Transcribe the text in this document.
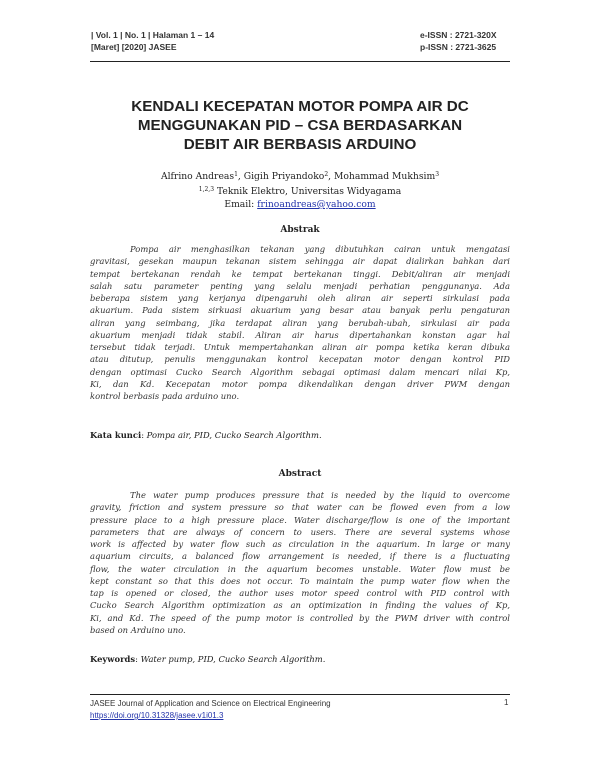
| Vol. 1 | No. 1 | Halaman 1 – 14
[Maret] [2020] JASEE
e-ISSN : 2721-320X
p-ISSN : 2721-3625
KENDALI KECEPATAN MOTOR POMPA AIR DC
MENGGUNAKAN PID – CSA BERDASARKAN
DEBIT AIR BERBASIS ARDUINO
Alfrino Andreas$^1$, Gigih Priyandoko$^2$, Mohammad Mukhsim$^3$
$^{1,2,3}$ Teknik Elektro, Universitas Widyagama
Email: frinoandreas@yahoo.com
Abstrak
Pompa air menghasilkan tekanan yang dibutuhkan cairan untuk mengatasi
gravitasi, gesekan maupun tekanan sistem sehingga air dapat dialirkan bahkan dari
tempat bertekanan rendah ke tempat bertekanan tinggi. Debit/aliran air menjadi
salah satu parameter penting yang selalu menjadi perhatian penggunanya. Ada
beberapa sistem yang kerjanya dipengaruhi oleh aliran air seperti sirkulasi pada
akuarium. Pada sistem sirkuasi akuarium yang besar atau banyak perlu pengaturan
aliran yang seimbang, jika terdapat aliran yang berubah-ubah, sirkulasi air pada
akuarium menjadi tidak stabil. Aliran air harus dipertahankan konstan agar hal
tersebut tidak terjadi. Untuk mempertahankan aliran air pompa ketika keran dibuka
atau ditutup, penulis menggunakan kontrol kecepatan motor dengan kontrol PID
dengan optimasi Cucko Search Algorithm sebagai optimasi dalam mencari nilai Kp,
Ki, dan Kd. Kecepatan motor pompa dikendalikan dengan driver PWM dengan
kontrol berbasis pada arduino uno.
Kata kunci: Pompa air, PID, Cucko Search Algorithm.
Abstract
The water pump produces pressure that is needed by the liquid to overcome
gravity, friction and system pressure so that water can be flowed even from a low
pressure place to a high pressure place. Water discharge/flow is one of the important
parameters that are always of concern to users. There are several systems whose
work is affected by water flow such as circulation in the aquarium. In large or many
aquarium circuits, a balanced flow arrangement is needed, if there is a fluctuating
flow, the water circulation in the aquarium becomes unstable. Water flow must be
kept constant so that this does not occur. To maintain the pump water flow when the
tap is opened or closed, the author uses motor speed control with PID control with
Cucko Search Algorithm optimization as an optimization in finding the values of Kp,
Ki, and Kd. The speed of the pump motor is controlled by the PWM driver with control
based on Arduino uno.
Keywords: Water pump, PID, Cucko Search Algorithm.
JASEE Journal of Application and Science on Electrical Engineering
https://doi.org/10.31328/jasee.v1i01.3
1
